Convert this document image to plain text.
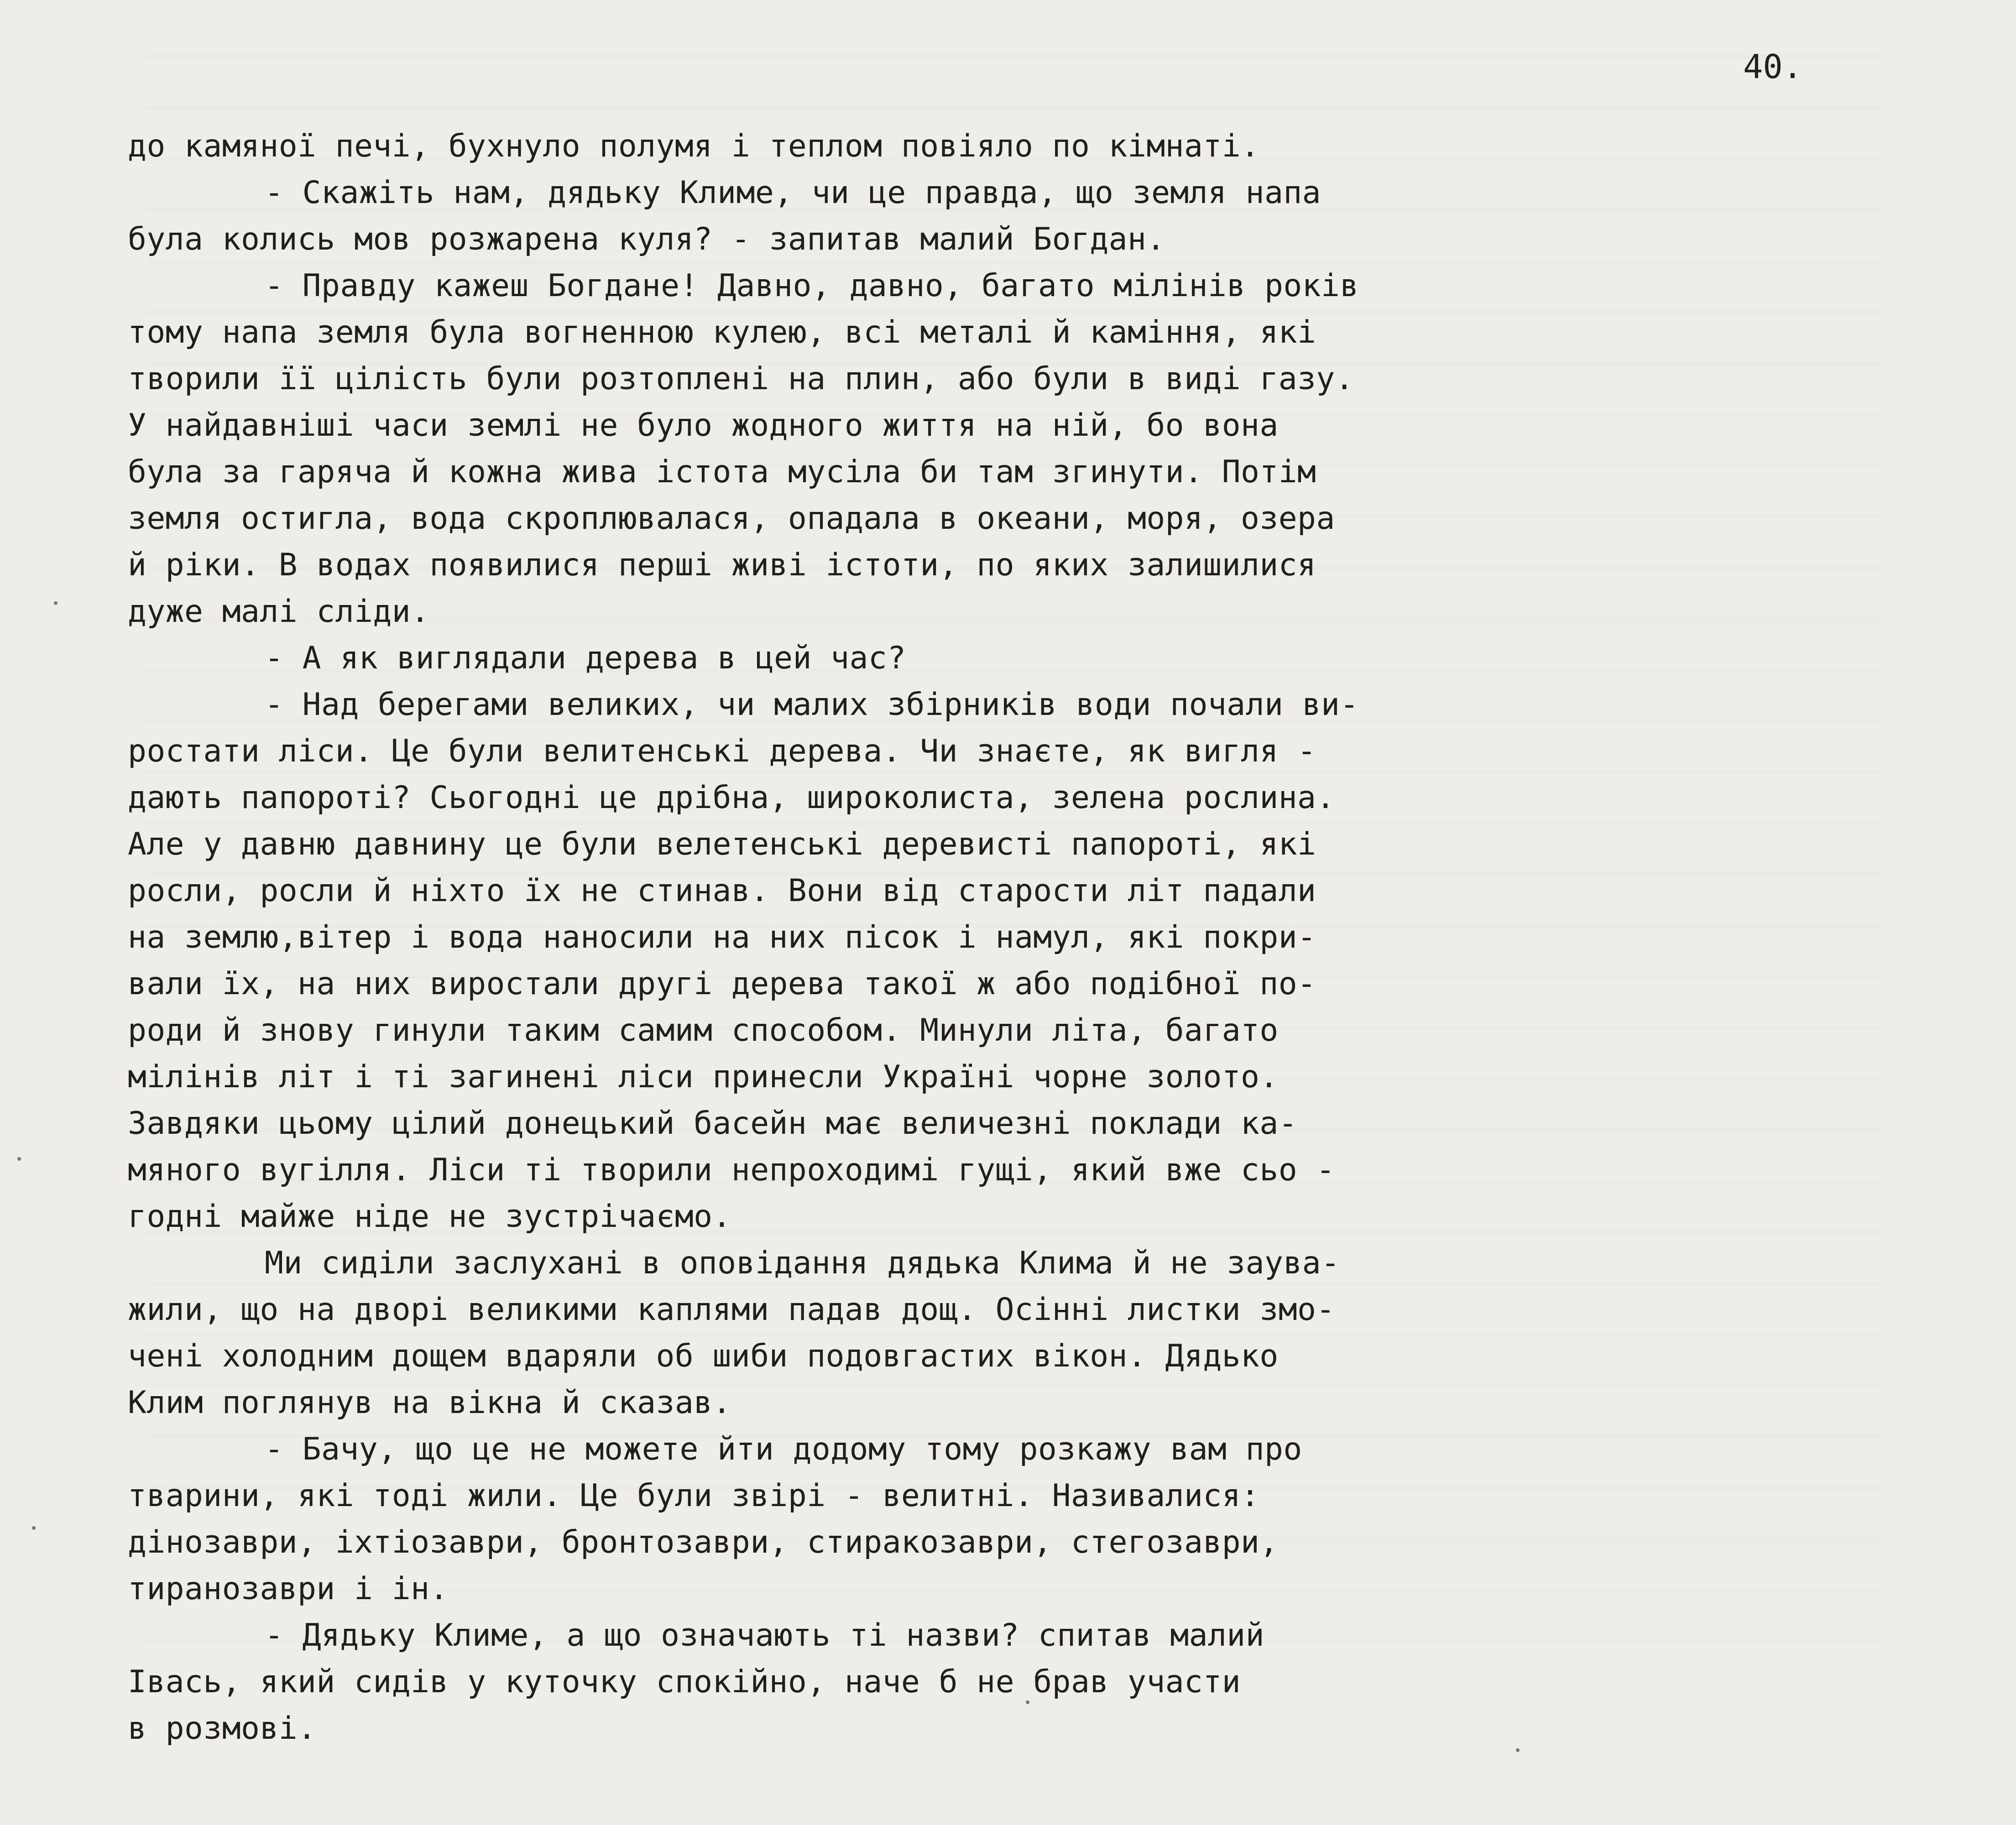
40.
до камяної печі, бухнуло полумя і теплом повіяло по кімнаті.
- Скажіть нам, дядьку Климе, чи це правда, що земля напа
була колись мов розжарена куля? - запитав малий Богдан.
- Правду кажеш Богдане! Давно, давно, багато мілінів років
тому напа земля була вогненною кулею, всі металі й каміння, які
творили її цілість були розтоплені на плин, або були в виді газу.
У найдавніші часи землі не було жодного життя на ній, бо вона
була за гаряча й кожна жива істота мусіла би там згинути. Потім
земля остигла, вода скроплювалася, опадала в океани, моря, озера
й ріки. В водах появилися перші живі істоти, по яких залишилися
дуже малі сліди.
- А як виглядали дерева в цей час?
- Над берегами великих, чи малих збірників води почали ви-
ростати ліси. Це були велитенські дерева. Чи знаєте, як вигля -
дають папороті? Сьогодні це дрібна, широколиста, зелена рослина.
Але у давню давнину це були велетенські деревисті папороті, які
росли, росли й ніхто їх не стинав. Вони від старости літ падали
на землю,вітер і вода наносили на них пісок і намул, які покри-
вали їх, на них виростали другі дерева такої ж або подібної по-
роди й знову гинули таким самим способом. Минули літа, багато
мілінів літ і ті загинені ліси принесли Україні чорне золото.
Завдяки цьому цілий донецький басейн має величезні поклади ка-
мяного вугілля. Ліси ті творили непроходимі гущі, який вже сьо -
годні майже ніде не зустрічаємо.
Ми сиділи заслухані в оповідання дядька Клима й не заува-
жили, що на дворі великими каплями падав дощ. Осінні листки змо-
чені холодним дощем вдаряли об шиби подовгастих вікон. Дядько
Клим поглянув на вікна й сказав.
- Бачу, що це не можете йти додому тому розкажу вам про
тварини, які тоді жили. Це були звірі - велитні. Називалися:
дінозаври, іхтіозаври, бронтозаври, стиракозаври, стегозаври,
тиранозаври і ін.
- Дядьку Климе, а що означають ті назви? спитав малий
Івась, який сидів у куточку спокійно, наче б не брав участи
в розмові.
